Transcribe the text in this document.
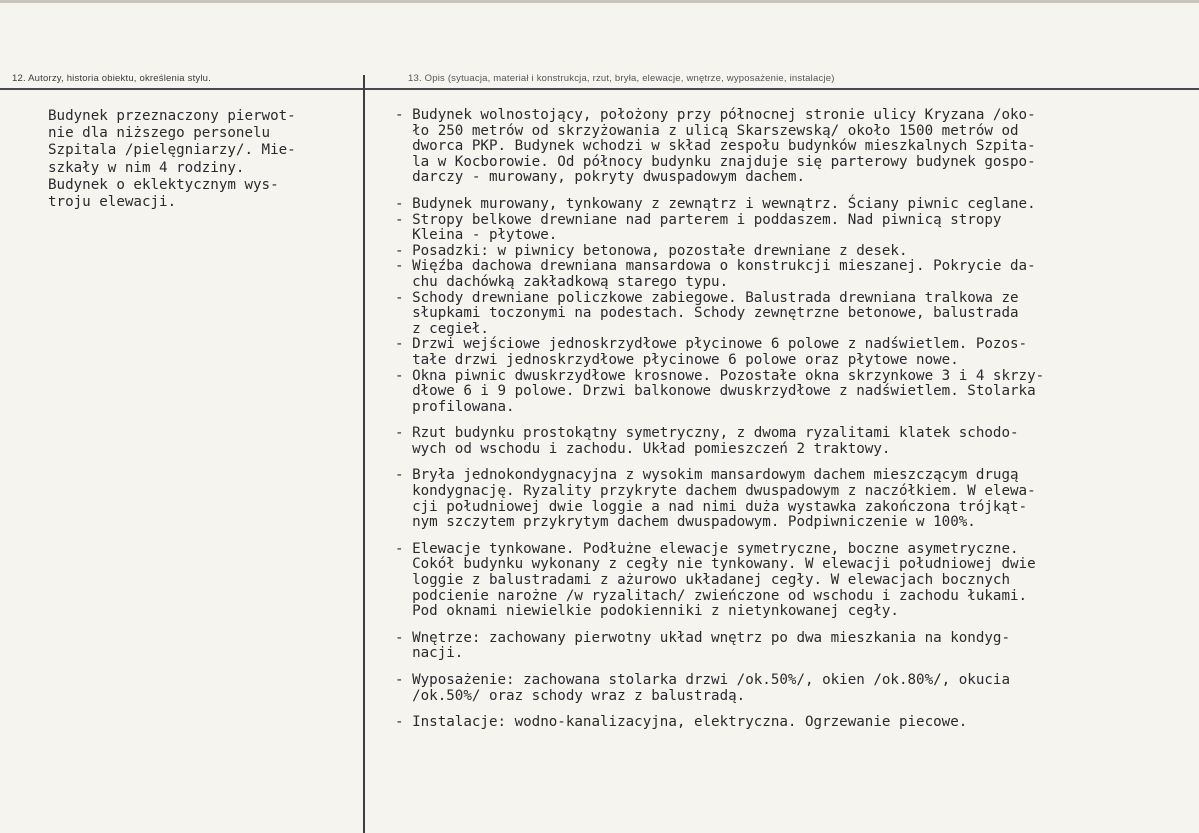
12. Autorzy, historia obiektu, określenia stylu.	13. Opis (sytuacja, materiał i konstrukcja, rzut, bryła, elewacje, wnętrze, wyposażenie, instalacje)
Budynek przeznaczony pierwot-
nie dla niższego personelu
Szpitala /pielęgniarzy/. Mie-
szkały w nim 4 rodziny.
Budynek o eklektycznym wys-
troju elewacji.

- Budynek wolnostojący, położony przy północnej stronie ulicy Kryzana /oko-
ło 250 metrów od skrzyżowania z ulicą Skarszewską/ około 1500 metrów od
dworca PKP. Budynek wchodzi w skład zespołu budynków mieszkalnych Szpita-
la w Kocborowie. Od północy budynku znajduje się parterowy budynek gospo-
darczy - murowany, pokryty dwuspadowym dachem.

- Budynek murowany, tynkowany z zewnątrz i wewnątrz. Ściany piwnic ceglane.
- Stropy belkowe drewniane nad parterem i poddaszem. Nad piwnicą stropy
Kleina - płytowe.
- Posadzki: w piwnicy betonowa, pozostałe drewniane z desek.
- Więźba dachowa drewniana mansardowa o konstrukcji mieszanej. Pokrycie da-
chu dachówką zakładkową starego typu.
- Schody drewniane policzkowe zabiegowe. Balustrada drewniana tralkowa ze
słupkami toczonymi na podestach. Schody zewnętrzne betonowe, balustrada
z cegieł.
- Drzwi wejściowe jednoskrzydłowe płycinowe 6 polowe z nadświetlem. Pozos-
tałe drzwi jednoskrzydłowe płycinowe 6 polowe oraz płytowe nowe.
- Okna piwnic dwuskrzydłowe krosnowe. Pozostałe okna skrzynkowe 3 i 4 skrzy-
dłowe 6 i 9 polowe. Drzwi balkonowe dwuskrzydłowe z nadświetlem. Stolarka
profilowana.

- Rzut budynku prostokątny symetryczny, z dwoma ryzalitami klatek schodo-
wych od wschodu i zachodu. Układ pomieszczeń 2 traktowy.

- Bryła jednokondygnacyjna z wysokim mansardowym dachem mieszczącym drugą
kondygnację. Ryzality przykryte dachem dwuspadowym z naczółkiem. W elewa-
cji południowej dwie loggie a nad nimi duża wystawka zakończona trójkąt-
nym szczytem przykrytym dachem dwuspadowym. Podpiwniczenie w 100%.

- Elewacje tynkowane. Podłużne elewacje symetryczne, boczne asymetryczne.
Cokół budynku wykonany z cegły nie tynkowany. W elewacji południowej dwie
loggie z balustradami z ażurowo układanej cegły. W elewacjach bocznych
podcienie narożne /w ryzalitach/ zwieńczone od wschodu i zachodu łukami.
Pod oknami niewielkie podokienniki z nietynkowanej cegły.

- Wnętrze: zachowany pierwotny układ wnętrz po dwa mieszkania na kondyg-
nacji.

- Wyposażenie: zachowana stolarka drzwi /ok.50%/, okien /ok.80%/, okucia
/ok.50%/ oraz schody wraz z balustradą.

- Instalacje: wodno-kanalizacyjna, elektryczna. Ogrzewanie piecowe.
